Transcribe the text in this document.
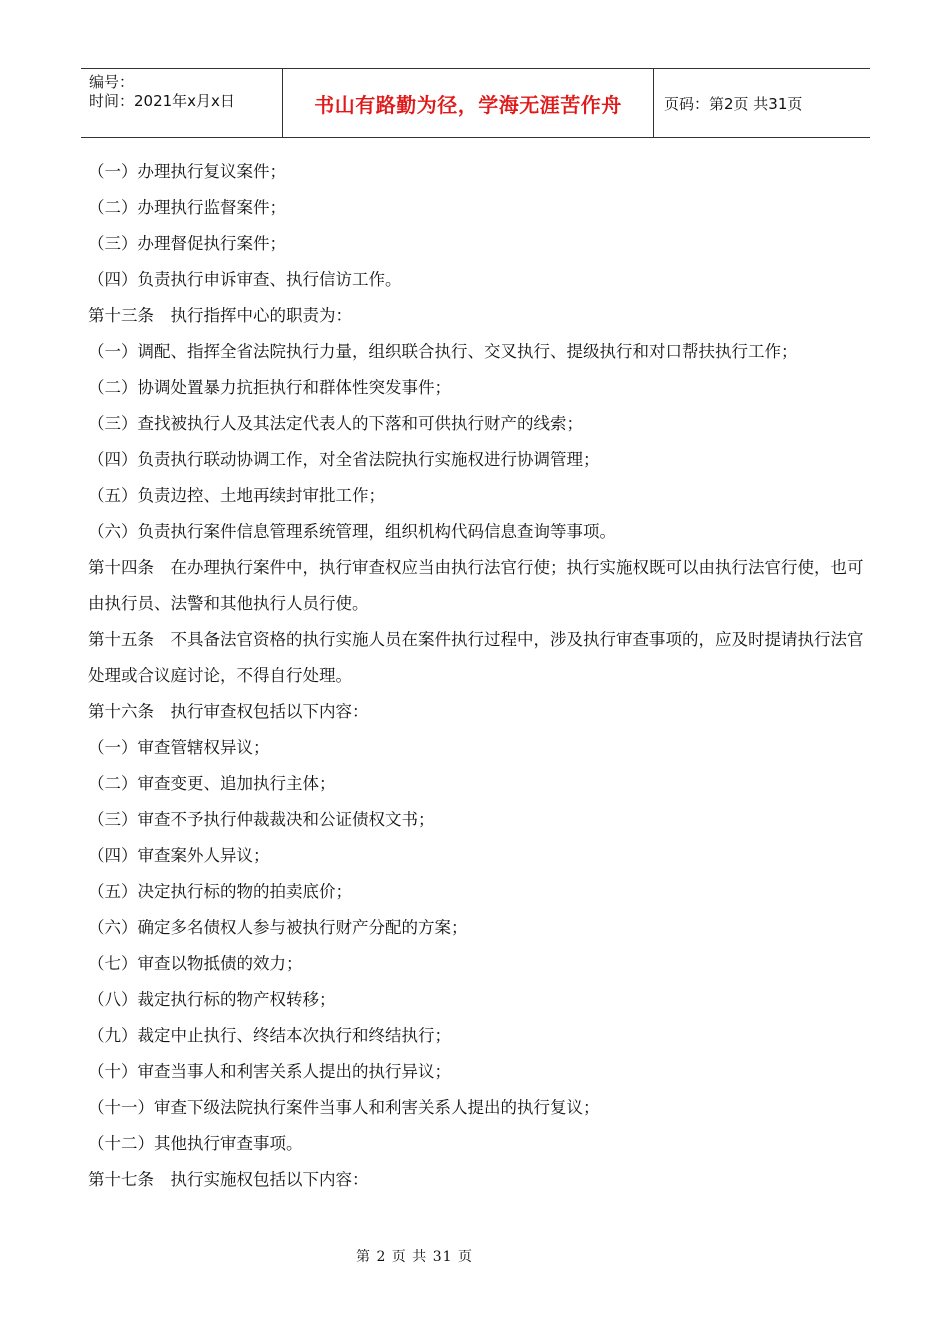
编号：
时间：2021年x月x日	书山有路勤为径，学海无涯苦作舟	页码：第2页 共31页

（一）办理执行复议案件；

（二）办理执行监督案件；

（三）办理督促执行案件；

（四）负责执行申诉审查、执行信访工作。

第十三条　执行指挥中心的职责为：

（一）调配、指挥全省法院执行力量，组织联合执行、交叉执行、提级执行和对口帮扶执行工作；

（二）协调处置暴力抗拒执行和群体性突发事件；

（三）查找被执行人及其法定代表人的下落和可供执行财产的线索；

（四）负责执行联动协调工作，对全省法院执行实施权进行协调管理；

（五）负责边控、土地再续封审批工作；

（六）负责执行案件信息管理系统管理，组织机构代码信息查询等事项。

第十四条　在办理执行案件中，执行审查权应当由执行法官行使；执行实施权既可以由执行法官行使，也可由执行员、法警和其他执行人员行使。

第十五条　不具备法官资格的执行实施人员在案件执行过程中，涉及执行审查事项的，应及时提请执行法官处理或合议庭讨论，不得自行处理。

第十六条　执行审查权包括以下内容：

（一）审查管辖权异议；

（二）审查变更、追加执行主体；

（三）审查不予执行仲裁裁决和公证债权文书；

（四）审查案外人异议；

（五）决定执行标的物的拍卖底价；

（六）确定多名债权人参与被执行财产分配的方案；

（七）审查以物抵债的效力；

（八）裁定执行标的物产权转移；

（九）裁定中止执行、终结本次执行和终结执行；

（十）审查当事人和利害关系人提出的执行异议；

（十一）审查下级法院执行案件当事人和利害关系人提出的执行复议；

（十二）其他执行审查事项。

第十七条　执行实施权包括以下内容：

第 2 页 共 31 页
